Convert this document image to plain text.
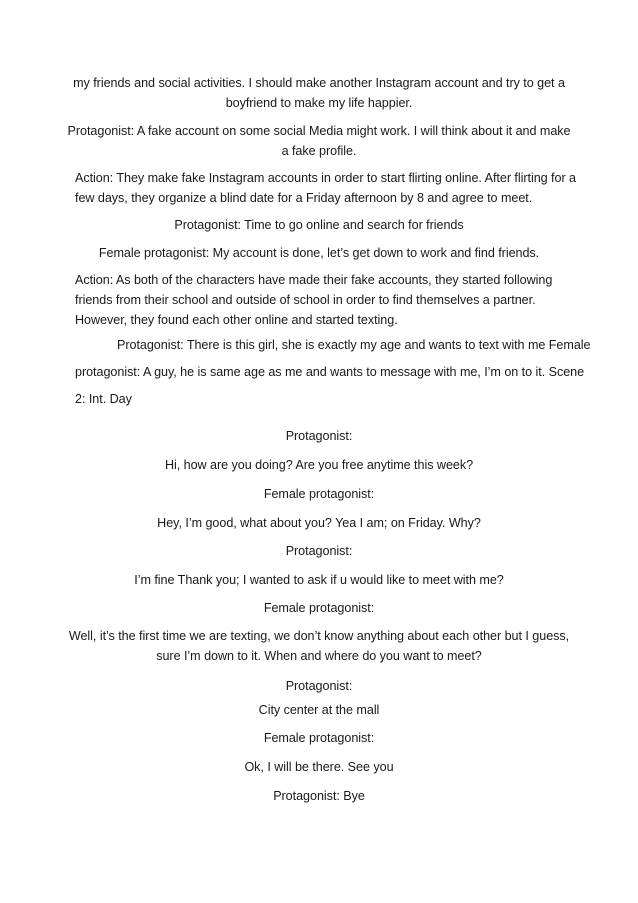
my friends and social activities. I should make another Instagram account and try to get a
boyfriend to make my life happier.
Protagonist: A fake account on some social Media might work. I will think about it and make
a fake profile.
Action: They make fake Instagram accounts in order to start flirting online. After flirting for a
few days, they organize a blind date for a Friday afternoon by 8 and agree to meet.
Protagonist: Time to go online and search for friends
Female protagonist: My account is done, let’s get down to work and find friends.
Action: As both of the characters have made their fake accounts, they started following
friends from their school and outside of school in order to find themselves a partner.
However, they found each other online and started texting.
Protagonist: There is this girl, she is exactly my age and wants to text with me Female
protagonist: A guy, he is same age as me and wants to message with me, I’m on to it. Scene
2: Int. Day
Protagonist:
Hi, how are you doing? Are you free anytime this week?
Female protagonist:
Hey, I’m good, what about you? Yea I am; on Friday. Why?
Protagonist:
I’m fine Thank you; I wanted to ask if u would like to meet with me?
Female protagonist:
Well, it’s the first time we are texting, we don’t know anything about each other but I guess,
sure I’m down to it. When and where do you want to meet?
Protagonist:
City center at the mall
Female protagonist:
Ok, I will be there. See you
Protagonist: Bye
